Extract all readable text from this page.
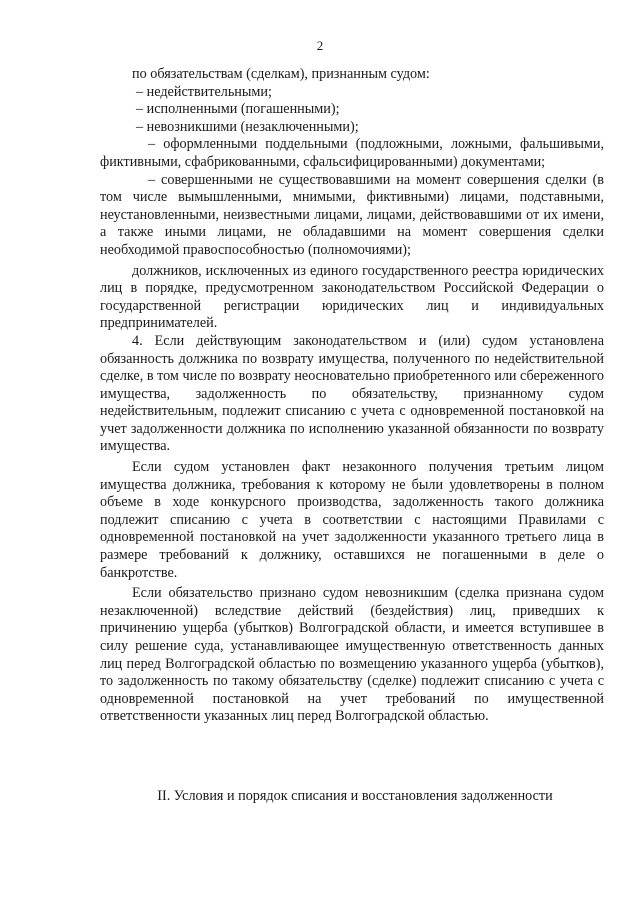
2

по обязательствам (сделкам), признанным судом:

– недействительными;

– исполненными (погашенными);

– невозникшими (незаключенными);

– оформленными поддельными (подложными, ложными, фальшивыми, фиктивными, сфабрикованными, сфальсифицированными) документами;

– совершенными не существовавшими на момент совершения сделки (в том числе вымышленными, мнимыми, фиктивными) лицами, подставными, неустановленными, неизвестными лицами, лицами, действовавшими от их имени, а также иными лицами, не обладавшими на момент совершения сделки необходимой правоспособностью (полномочиями);

должников, исключенных из единого государственного реестра юридических лиц в порядке, предусмотренном законодательством Российской Федерации о государственной регистрации юридических лиц и индивидуальных предпринимателей.

4. Если действующим законодательством и (или) судом установлена обязанность должника по возврату имущества, полученного по недействительной сделке, в том числе по возврату неосновательно приобретенного или сбереженного имущества, задолженность по обязательству, признанному судом недействительным, подлежит списанию с учета с одновременной постановкой на учет задолженности должника по исполнению указанной обязанности по возврату имущества.

Если судом установлен факт незаконного получения третьим лицом имущества должника, требования к которому не были удовлетворены в полном объеме в ходе конкурсного производства, задолженность такого должника подлежит списанию с учета в соответствии с настоящими Правилами с одновременной постановкой на учет задолженности указанного третьего лица в размере требований к должнику, оставшихся не погашенными в деле о банкротстве.

Если обязательство признано судом невозникшим (сделка признана судом незаключенной) вследствие действий (бездействия) лиц, приведших к причинению ущерба (убытков) Волгоградской области, и имеется вступившее в силу решение суда, устанавливающее имущественную ответственность данных лиц перед Волгоградской областью по возмещению указанного ущерба (убытков), то задолженность по такому обязательству (сделке) подлежит списанию с учета с одновременной постановкой на учет требований по имущественной ответственности указанных лиц перед Волгоградской областью.

II. Условия и порядок списания и восстановления задолженности
